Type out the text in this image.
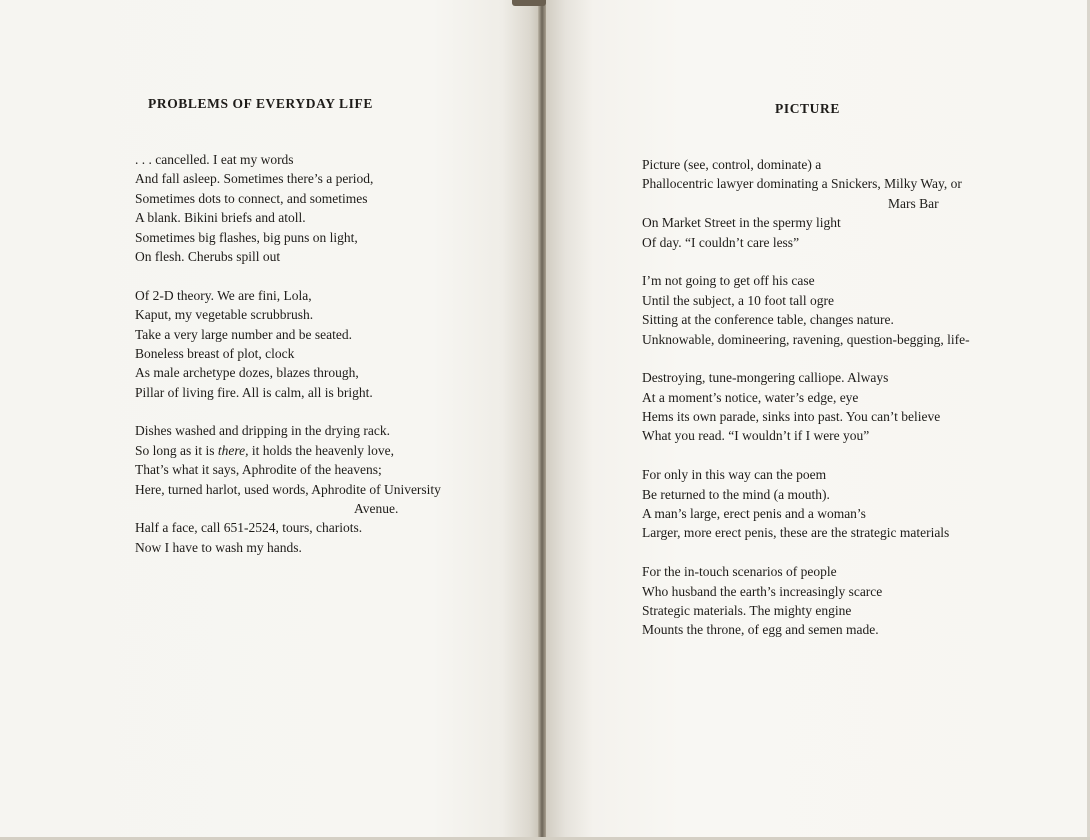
PROBLEMS OF EVERYDAY LIFE
. . . cancelled. I eat my words
And fall asleep. Sometimes there’s a period,
Sometimes dots to connect, and sometimes
A blank. Bikini briefs and atoll.
Sometimes big flashes, big puns on light,
On flesh. Cherubs spill out
Of 2-D theory. We are fini, Lola,
Kaput, my vegetable scrubbrush.
Take a very large number and be seated.
Boneless breast of plot, clock
As male archetype dozes, blazes through,
Pillar of living fire. All is calm, all is bright.
Dishes washed and dripping in the drying rack.
So long as it is there, it holds the heavenly love,
That’s what it says, Aphrodite of the heavens;
Here, turned harlot, used words, Aphrodite of University
Avenue.
Half a face, call 651-2524, tours, chariots.
Now I have to wash my hands.
PICTURE
Picture (see, control, dominate) a
Phallocentric lawyer dominating a Snickers, Milky Way, or
Mars Bar
On Market Street in the spermy light
Of day. “I couldn’t care less”
I’m not going to get off his case
Until the subject, a 10 foot tall ogre
Sitting at the conference table, changes nature.
Unknowable, domineering, ravening, question-begging, life-
Destroying, tune-mongering calliope. Always
At a moment’s notice, water’s edge, eye
Hems its own parade, sinks into past. You can’t believe
What you read. “I wouldn’t if I were you”
For only in this way can the poem
Be returned to the mind (a mouth).
A man’s large, erect penis and a woman’s
Larger, more erect penis, these are the strategic materials
For the in-touch scenarios of people
Who husband the earth’s increasingly scarce
Strategic materials. The mighty engine
Mounts the throne, of egg and semen made.
